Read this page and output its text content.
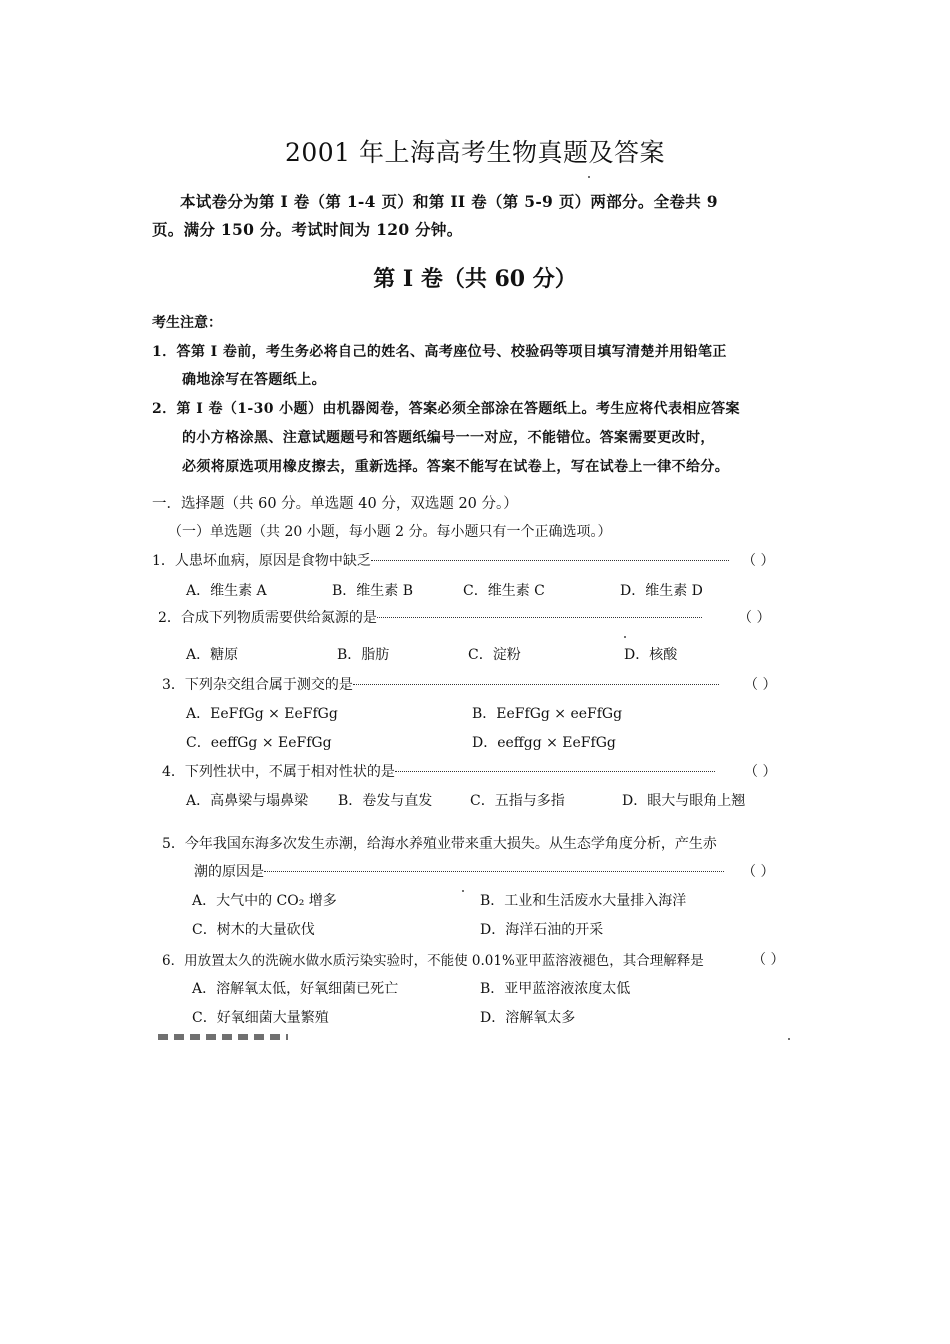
2001 年上海高考生物真题及答案
本试卷分为第 I 卷（第 1-4 页）和第 II 卷（第 5-9 页）两部分。全卷共 9
页。满分 150 分。考试时间为 120 分钟。
第 I 卷（共 60 分）
考生注意：
1．答第 I 卷前，考生务必将自己的姓名、高考座位号、校验码等项目填写清楚并用铅笔正
确地涂写在答题纸上。
2．第 I 卷（1-30 小题）由机器阅卷，答案必须全部涂在答题纸上。考生应将代表相应答案
的小方格涂黑、注意试题题号和答题纸编号一一对应，不能错位。答案需要更改时，
必须将原选项用橡皮擦去，重新选择。答案不能写在试卷上，写在试卷上一律不给分。
一．选择题（共 60 分。单选题 40 分，双选题 20 分。）
（一）单选题（共 20 小题，每小题 2 分。每小题只有一个正确选项。）
1．人患坏血病，原因是食物中缺乏	（ ）
A．维生素 A	B．维生素 B	C．维生素 C	D．维生素 D
2．合成下列物质需要供给氮源的是	（ ）
A．糖原	B．脂肪	C．淀粉	D．核酸
3．下列杂交组合属于测交的是	（ ）
A．EeFfGg × EeFfGg	B．EeFfGg × eeFfGg
C．eeffGg × EeFfGg	D．eeffgg × EeFfGg
4．下列性状中，不属于相对性状的是	（ ）
A．高鼻梁与塌鼻梁 B．卷发与直发	C．五指与多指	D．眼大与眼角上翘
5．今年我国东海多次发生赤潮，给海水养殖业带来重大损失。从生态学角度分析，产生赤
潮的原因是	（ ）
A．大气中的 CO₂ 增多	B．工业和生活废水大量排入海洋
C．树木的大量砍伐	D．海洋石油的开采
6．用放置太久的洗碗水做水质污染实验时，不能使 0.01%亚甲蓝溶液褪色，其合理解释是	（ ）
A．溶解氧太低，好氧细菌已死亡	B．亚甲蓝溶液浓度太低
C．好氧细菌大量繁殖	D．溶解氧太多
